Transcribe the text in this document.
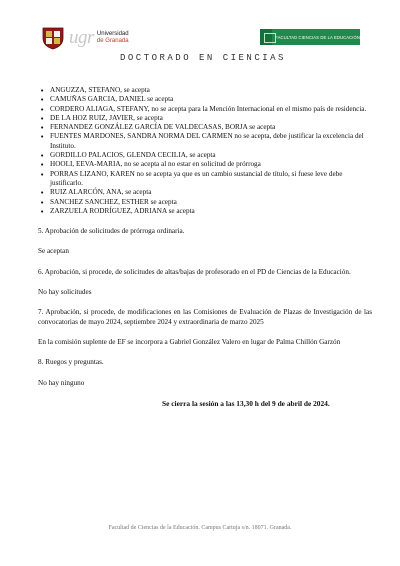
ugr Universidad
de Granada
FACULTAD CIENCIAS DE LA EDUCACIÓN
DOCTORADO EN CIENCIAS
• ANGUZZA, STEFANO, se acepta
• CAMUÑAS GARCIA, DANIEL se acepta
• CORDERO ALIAGA, STEFANY, no se acepta para la Mención Internacional en el mismo país de residencia.
• DE LA HOZ RUIZ, JAVIER, se acepta
• FERNANDEZ GONZÁLEZ GARCÍA DE VALDECASAS, BORJA se acepta
• FUENTES MARDONES, SANDRA NORMA DEL CARMEN no se acepta, debe justificar la excelencia del Instituto.
• GORDILLO PALACIOS, GLENDA CECILIA, se acepta
• HOOLI, EEVA-MARIA, no se acepta al no estar en solicitud de prórroga
• PORRAS LIZANO, KAREN no se acepta ya que es un cambio sustancial de título, si fuese leve debe justificarlo.
• RUIZ ALARCÓN, ANA, se acepta
• SANCHEZ SANCHEZ, ESTHER se acepta
• ZARZUELA RODRÍGUEZ, ADRIANA se acepta

5. Aprobación de solicitudes de prórroga ordinaria.

Se aceptan

6. Aprobación, si procede, de solicitudes de altas/bajas de profesorado en el PD de Ciencias de la Educación.

No hay solicitudes

7. Aprobación, si procede, de modificaciones en las Comisiones de Evaluación de Plazas de Investigación de las convocatorias de mayo 2024, septiembre 2024 y extraordinaria de marzo 2025

En la comisión suplente de EF se incorpora a Gabriel González Valero en lugar de Palma Chillón Garzón

8. Ruegos y preguntas.

No hay ninguno

Se cierra la sesión a las 13,30 h del 9 de abril de 2024.

Facultad de Ciencias de la Educación. Campus Cartuja s/n. 18071. Granada.
